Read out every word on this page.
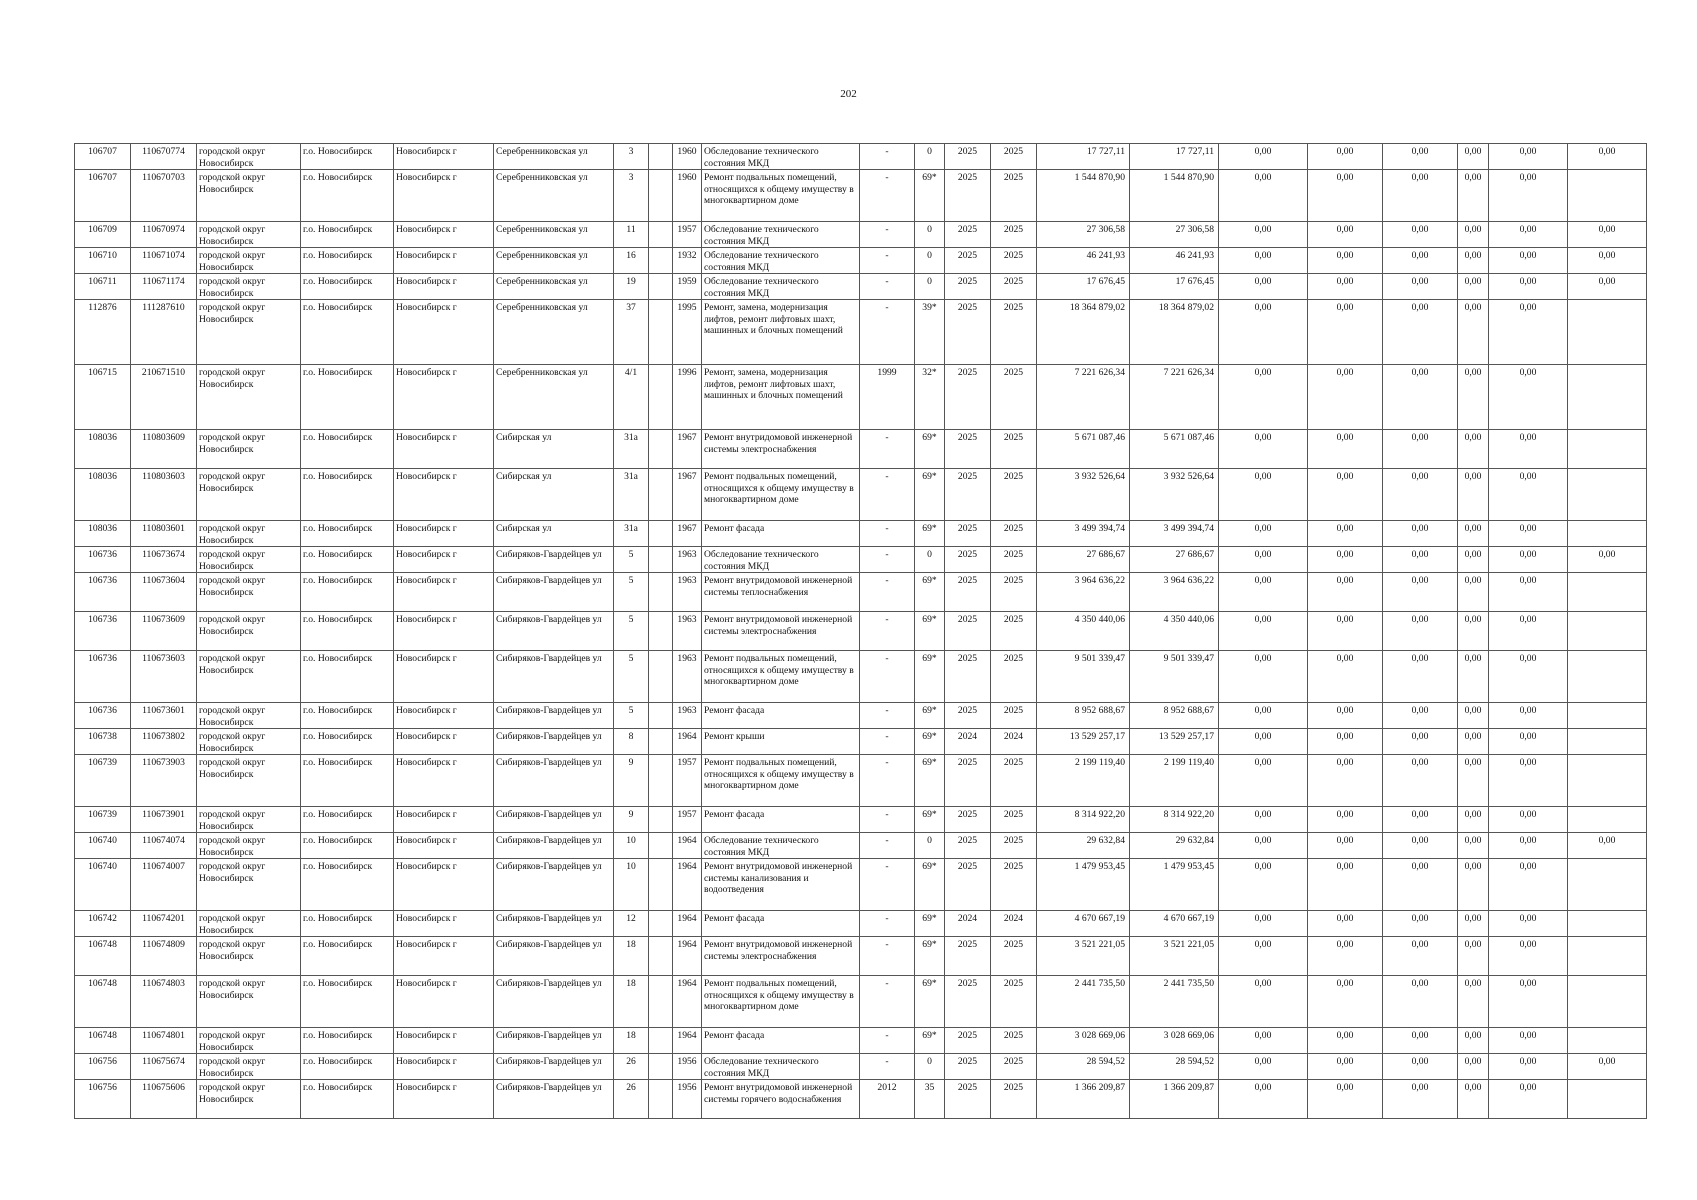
202
106707	110670774	городской округ Новосибирск	г.о. Новосибирск	Новосибирск г	Серебренниковская ул	3		1960	Обследование технического состояния МКД	-	0	2025	2025	17 727,11	17 727,11	0,00	0,00	0,00	0,00	0,00	0,00
106707	110670703	городской округ Новосибирск	г.о. Новосибирск	Новосибирск г	Серебренниковская ул	3		1960	Ремонт подвальных помещений, относящихся к общему имуществу в многоквартирном доме	-	69*	2025	2025	1 544 870,90	1 544 870,90	0,00	0,00	0,00	0,00	0,00	
106709	110670974	городской округ Новосибирск	г.о. Новосибирск	Новосибирск г	Серебренниковская ул	11		1957	Обследование технического состояния МКД	-	0	2025	2025	27 306,58	27 306,58	0,00	0,00	0,00	0,00	0,00	0,00
106710	110671074	городской округ Новосибирск	г.о. Новосибирск	Новосибирск г	Серебренниковская ул	16		1932	Обследование технического состояния МКД	-	0	2025	2025	46 241,93	46 241,93	0,00	0,00	0,00	0,00	0,00	0,00
106711	110671174	городской округ Новосибирск	г.о. Новосибирск	Новосибирск г	Серебренниковская ул	19		1959	Обследование технического состояния МКД	-	0	2025	2025	17 676,45	17 676,45	0,00	0,00	0,00	0,00	0,00	0,00
112876	111287610	городской округ Новосибирск	г.о. Новосибирск	Новосибирск г	Серебренниковская ул	37		1995	Ремонт, замена, модернизация лифтов, ремонт лифтовых шахт, машинных и блочных помещений	-	39*	2025	2025	18 364 879,02	18 364 879,02	0,00	0,00	0,00	0,00	0,00	
106715	210671510	городской округ Новосибирск	г.о. Новосибирск	Новосибирск г	Серебренниковская ул	4/1		1996	Ремонт, замена, модернизация лифтов, ремонт лифтовых шахт, машинных и блочных помещений	1999	32*	2025	2025	7 221 626,34	7 221 626,34	0,00	0,00	0,00	0,00	0,00	
108036	110803609	городской округ Новосибирск	г.о. Новосибирск	Новосибирск г	Сибирская ул	31а		1967	Ремонт внутридомовой инженерной системы электроснабжения	-	69*	2025	2025	5 671 087,46	5 671 087,46	0,00	0,00	0,00	0,00	0,00	
108036	110803603	городской округ Новосибирск	г.о. Новосибирск	Новосибирск г	Сибирская ул	31а		1967	Ремонт подвальных помещений, относящихся к общему имуществу в многоквартирном доме	-	69*	2025	2025	3 932 526,64	3 932 526,64	0,00	0,00	0,00	0,00	0,00	
108036	110803601	городской округ Новосибирск	г.о. Новосибирск	Новосибирск г	Сибирская ул	31а		1967	Ремонт фасада	-	69*	2025	2025	3 499 394,74	3 499 394,74	0,00	0,00	0,00	0,00	0,00	
106736	110673674	городской округ Новосибирск	г.о. Новосибирск	Новосибирск г	Сибиряков-Гвардейцев ул	5		1963	Обследование технического состояния МКД	-	0	2025	2025	27 686,67	27 686,67	0,00	0,00	0,00	0,00	0,00	0,00
106736	110673604	городской округ Новосибирск	г.о. Новосибирск	Новосибирск г	Сибиряков-Гвардейцев ул	5		1963	Ремонт внутридомовой инженерной системы теплоснабжения	-	69*	2025	2025	3 964 636,22	3 964 636,22	0,00	0,00	0,00	0,00	0,00	
106736	110673609	городской округ Новосибирск	г.о. Новосибирск	Новосибирск г	Сибиряков-Гвардейцев ул	5		1963	Ремонт внутридомовой инженерной системы электроснабжения	-	69*	2025	2025	4 350 440,06	4 350 440,06	0,00	0,00	0,00	0,00	0,00	
106736	110673603	городской округ Новосибирск	г.о. Новосибирск	Новосибирск г	Сибиряков-Гвардейцев ул	5		1963	Ремонт подвальных помещений, относящихся к общему имуществу в многоквартирном доме	-	69*	2025	2025	9 501 339,47	9 501 339,47	0,00	0,00	0,00	0,00	0,00	
106736	110673601	городской округ Новосибирск	г.о. Новосибирск	Новосибирск г	Сибиряков-Гвардейцев ул	5		1963	Ремонт фасада	-	69*	2025	2025	8 952 688,67	8 952 688,67	0,00	0,00	0,00	0,00	0,00	
106738	110673802	городской округ Новосибирск	г.о. Новосибирск	Новосибирск г	Сибиряков-Гвардейцев ул	8		1964	Ремонт крыши	-	69*	2024	2024	13 529 257,17	13 529 257,17	0,00	0,00	0,00	0,00	0,00	
106739	110673903	городской округ Новосибирск	г.о. Новосибирск	Новосибирск г	Сибиряков-Гвардейцев ул	9		1957	Ремонт подвальных помещений, относящихся к общему имуществу в многоквартирном доме	-	69*	2025	2025	2 199 119,40	2 199 119,40	0,00	0,00	0,00	0,00	0,00	
106739	110673901	городской округ Новосибирск	г.о. Новосибирск	Новосибирск г	Сибиряков-Гвардейцев ул	9		1957	Ремонт фасада	-	69*	2025	2025	8 314 922,20	8 314 922,20	0,00	0,00	0,00	0,00	0,00	
106740	110674074	городской округ Новосибирск	г.о. Новосибирск	Новосибирск г	Сибиряков-Гвардейцев ул	10		1964	Обследование технического состояния МКД	-	0	2025	2025	29 632,84	29 632,84	0,00	0,00	0,00	0,00	0,00	0,00
106740	110674007	городской округ Новосибирск	г.о. Новосибирск	Новосибирск г	Сибиряков-Гвардейцев ул	10		1964	Ремонт внутридомовой инженерной системы канализования и водоотведения	-	69*	2025	2025	1 479 953,45	1 479 953,45	0,00	0,00	0,00	0,00	0,00	
106742	110674201	городской округ Новосибирск	г.о. Новосибирск	Новосибирск г	Сибиряков-Гвардейцев ул	12		1964	Ремонт фасада	-	69*	2024	2024	4 670 667,19	4 670 667,19	0,00	0,00	0,00	0,00	0,00	
106748	110674809	городской округ Новосибирск	г.о. Новосибирск	Новосибирск г	Сибиряков-Гвардейцев ул	18		1964	Ремонт внутридомовой инженерной системы электроснабжения	-	69*	2025	2025	3 521 221,05	3 521 221,05	0,00	0,00	0,00	0,00	0,00	
106748	110674803	городской округ Новосибирск	г.о. Новосибирск	Новосибирск г	Сибиряков-Гвардейцев ул	18		1964	Ремонт подвальных помещений, относящихся к общему имуществу в многоквартирном доме	-	69*	2025	2025	2 441 735,50	2 441 735,50	0,00	0,00	0,00	0,00	0,00	
106748	110674801	городской округ Новосибирск	г.о. Новосибирск	Новосибирск г	Сибиряков-Гвардейцев ул	18		1964	Ремонт фасада	-	69*	2025	2025	3 028 669,06	3 028 669,06	0,00	0,00	0,00	0,00	0,00	
106756	110675674	городской округ Новосибирск	г.о. Новосибирск	Новосибирск г	Сибиряков-Гвардейцев ул	26		1956	Обследование технического состояния МКД	-	0	2025	2025	28 594,52	28 594,52	0,00	0,00	0,00	0,00	0,00	0,00
106756	110675606	городской округ Новосибирск	г.о. Новосибирск	Новосибирск г	Сибиряков-Гвардейцев ул	26		1956	Ремонт внутридомовой инженерной системы горячего водоснабжения	2012	35	2025	2025	1 366 209,87	1 366 209,87	0,00	0,00	0,00	0,00	0,00	
